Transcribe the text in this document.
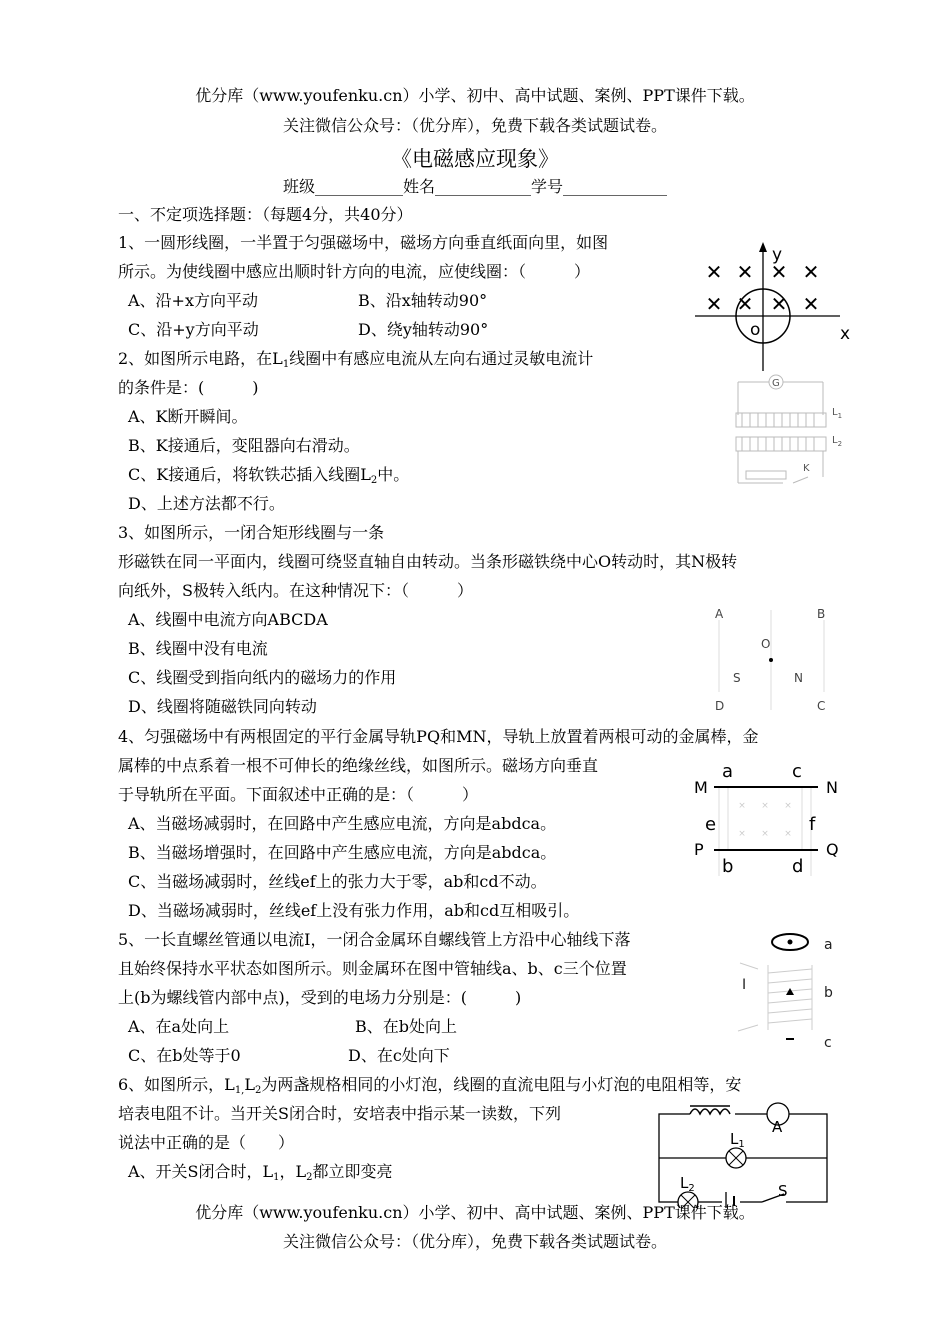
优分库（www.youfenku.cn）小学、初中、高中试题、案例、PPT课件下载。
关注微信公众号：（优分库），免费下载各类试题试卷。
《电磁感应现象》
班级___________姓名____________学号_____________
一、不定项选择题：（每题4分，共40分）
1、一圆形线圈，一半置于匀强磁场中，磁场方向垂直纸面向里，如图
所示。为使线圈中感应出顺时针方向的电流，应使线圈：（　　　）
A、沿+x方向平动	B、沿x轴转动90°
C、沿+y方向平动	D、绕y轴转动90°
✕ ✕ ✕ ✕
✕ ✕ ✕ ✕
y
x
o
2、如图所示电路，在$L_1$线圈中有感应电流从左向右通过灵敏电流计
的条件是：(　　　)
A、K断开瞬间。
B、K接通后，变阻器向右滑动。
C、K接通后，将软铁芯插入线圈$L_2$中。
D、上述方法都不行。
G
$L_1$
$L_2$
K
3、如图所示，一闭合矩形线圈与一条
形磁铁在同一平面内，线圈可绕竖直轴自由转动。当条形磁铁绕中心O转动时，其N极转
向纸外，S极转入纸内。在这种情况下：（　　　）
A、线圈中电流方向ABCDA
B、线圈中没有电流
C、线圈受到指向纸内的磁场力的作用
D、线圈将随磁铁同向转动
A	B
C
D
O
S	N
4、匀强磁场中有两根固定的平行金属导轨PQ和MN，导轨上放置着两根可动的金属棒，金
属棒的中点系着一根不可伸长的绝缘丝线，如图所示。磁场方向垂直
于导轨所在平面。下面叙述中正确的是：（　　　）
A、当磁场减弱时，在回路中产生感应电流，方向是abdca。
B、当磁场增强时，在回路中产生感应电流，方向是abdca。
C、当磁场减弱时，丝线ef上的张力大于零，ab和cd不动。
D、当磁场减弱时，丝线ef上没有张力作用，ab和cd互相吸引。
× × ×
× × ×
M	N
P	Q
a	c
b	d
e	f
5、一长直螺丝管通以电流I，一闭合金属环自螺线管上方沿中心轴线下落
且始终保持水平状态如图所示。则金属环在图中管轴线a、b、c三个位置
上(b为螺线管内部中点)，受到的电场力分别是：(　　　)
A、在a处向上	B、在b处向上
C、在b处等于0	D、在c处向下
a
b
c
I
6、如图所示，$L_{1,}L_2$为两盏规格相同的小灯泡，线圈的直流电阻与小灯泡的电阻相等，安
培表电阻不计。当开关S闭合时，安培表中指示某一读数，下列
说法中正确的是（　　）
A、开关S闭合时，$L_1$，$L_2$都立即变亮
A
$L_1$
$L_2$	S
优分库（www.youfenku.cn）小学、初中、高中试题、案例、PPT课件下载。
关注微信公众号：（优分库），免费下载各类试题试卷。
